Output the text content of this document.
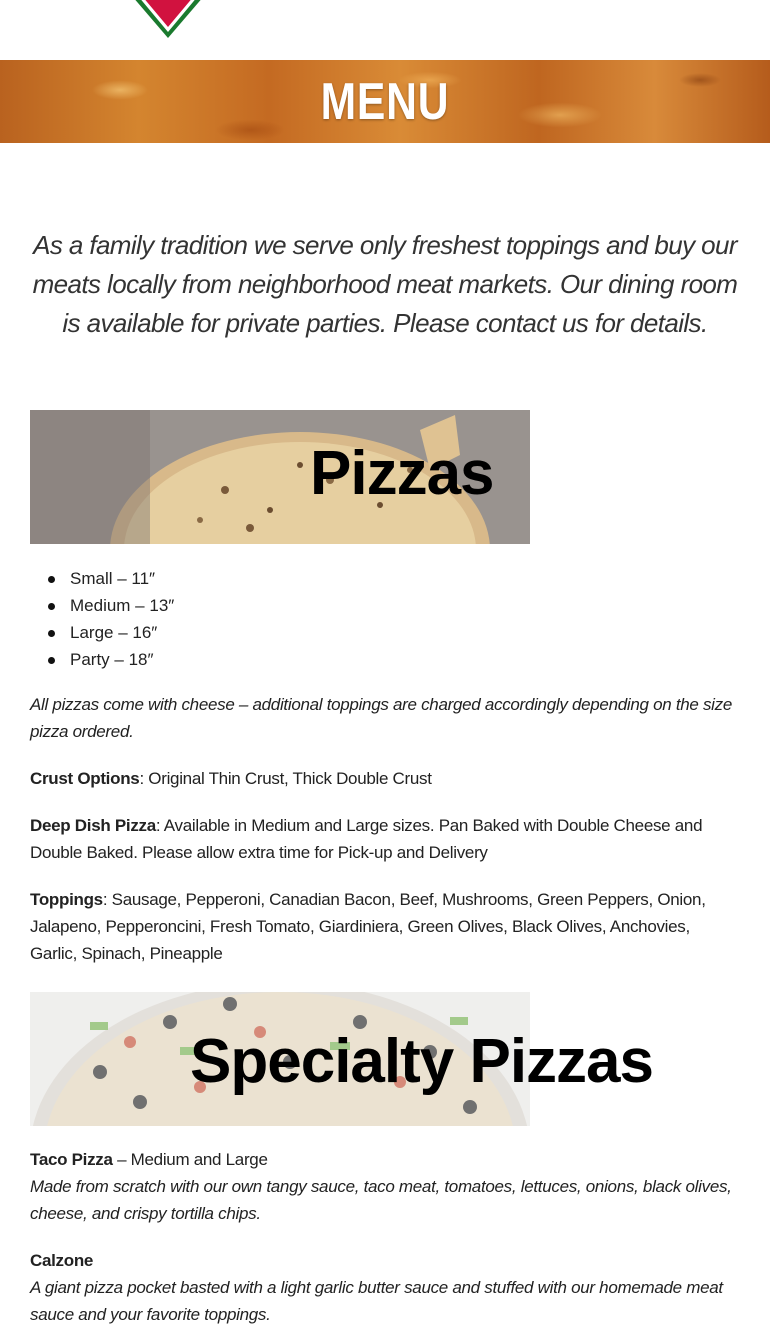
MENU
As a family tradition we serve only freshest toppings and buy our meats locally from neighborhood meat markets. Our dining room is available for private parties. Please contact us for details.
Pizzas
Small – 11″
Medium – 13″
Large – 16″
Party – 18″

All pizzas come with cheese – additional toppings are charged accordingly depending on the size pizza ordered.

Crust Options: Original Thin Crust, Thick Double Crust

Deep Dish Pizza: Available in Medium and Large sizes. Pan Baked with Double Cheese and Double Baked. Please allow extra time for Pick-up and Delivery

Toppings: Sausage, Pepperoni, Canadian Bacon, Beef, Mushrooms, Green Peppers, Onion, Jalapeno, Pepperoncini, Fresh Tomato, Giardiniera, Green Olives, Black Olives, Anchovies, Garlic, Spinach, Pineapple

Specialty Pizzas

Taco Pizza – Medium and Large

Made from scratch with our own tangy sauce, taco meat, tomatoes, lettuces, onions, black olives, cheese, and crispy tortilla chips.

Calzone

A giant pizza pocket basted with a light garlic butter sauce and stuffed with our homemade meat sauce and your favorite toppings.
